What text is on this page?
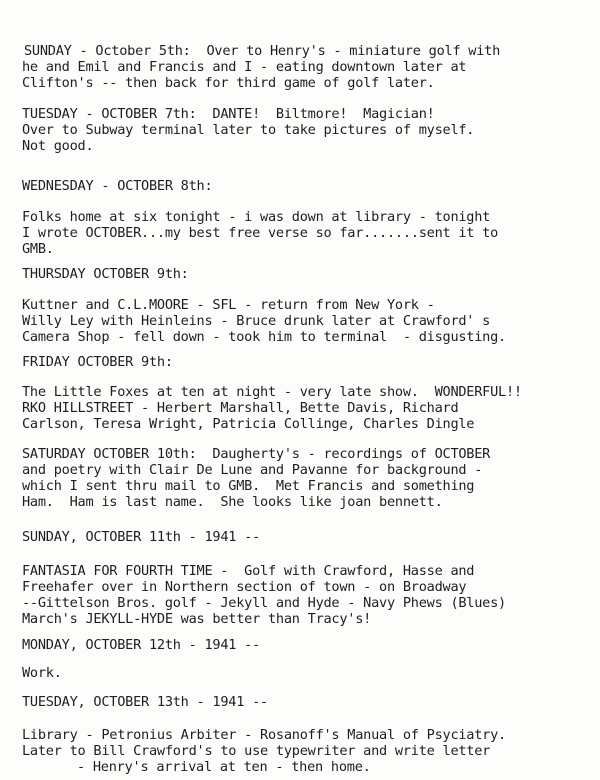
SUNDAY - October 5th:  Over to Henry's - miniature golf with
he and Emil and Francis and I - eating downtown later at
Clifton's -- then back for third game of golf later.
TUESDAY - OCTOBER 7th:  DANTE!  Biltmore!  Magician!
Over to Subway terminal later to take pictures of myself.
Not good.
WEDNESDAY - OCTOBER 8th:
Folks home at six tonight - i was down at library - tonight
I wrote OCTOBER...my best free verse so far.......sent it to
GMB.
THURSDAY OCTOBER 9th:
Kuttner and C.L.MOORE - SFL - return from New York -
Willy Ley with Heinleins - Bruce drunk later at Crawford' s
Camera Shop - fell down - took him to terminal  - disgusting.
FRIDAY OCTOBER 9th:
The Little Foxes at ten at night - very late show.  WONDERFUL!!
RKO HILLSTREET - Herbert Marshall, Bette Davis, Richard
Carlson, Teresa Wright, Patricia Collinge, Charles Dingle
SATURDAY OCTOBER 10th:  Daugherty's - recordings of OCTOBER
and poetry with Clair De Lune and Pavanne for background -
which I sent thru mail to GMB.  Met Francis and something
Ham.  Ham is last name.  She looks like joan bennett.
SUNDAY, OCTOBER 11th - 1941 --
FANTASIA FOR FOURTH TIME -  Golf with Crawford, Hasse and
Freehafer over in Northern section of town - on Broadway
--Gittelson Bros. golf - Jekyll and Hyde - Navy Phews (Blues)
March's JEKYLL-HYDE was better than Tracy's!
MONDAY, OCTOBER 12th - 1941 --
Work.
TUESDAY, OCTOBER 13th - 1941 --
Library - Petronius Arbiter - Rosanoff's Manual of Psyciatry.
Later to Bill Crawford's to use typewriter and write letter
- Henry's arrival at ten - then home.
